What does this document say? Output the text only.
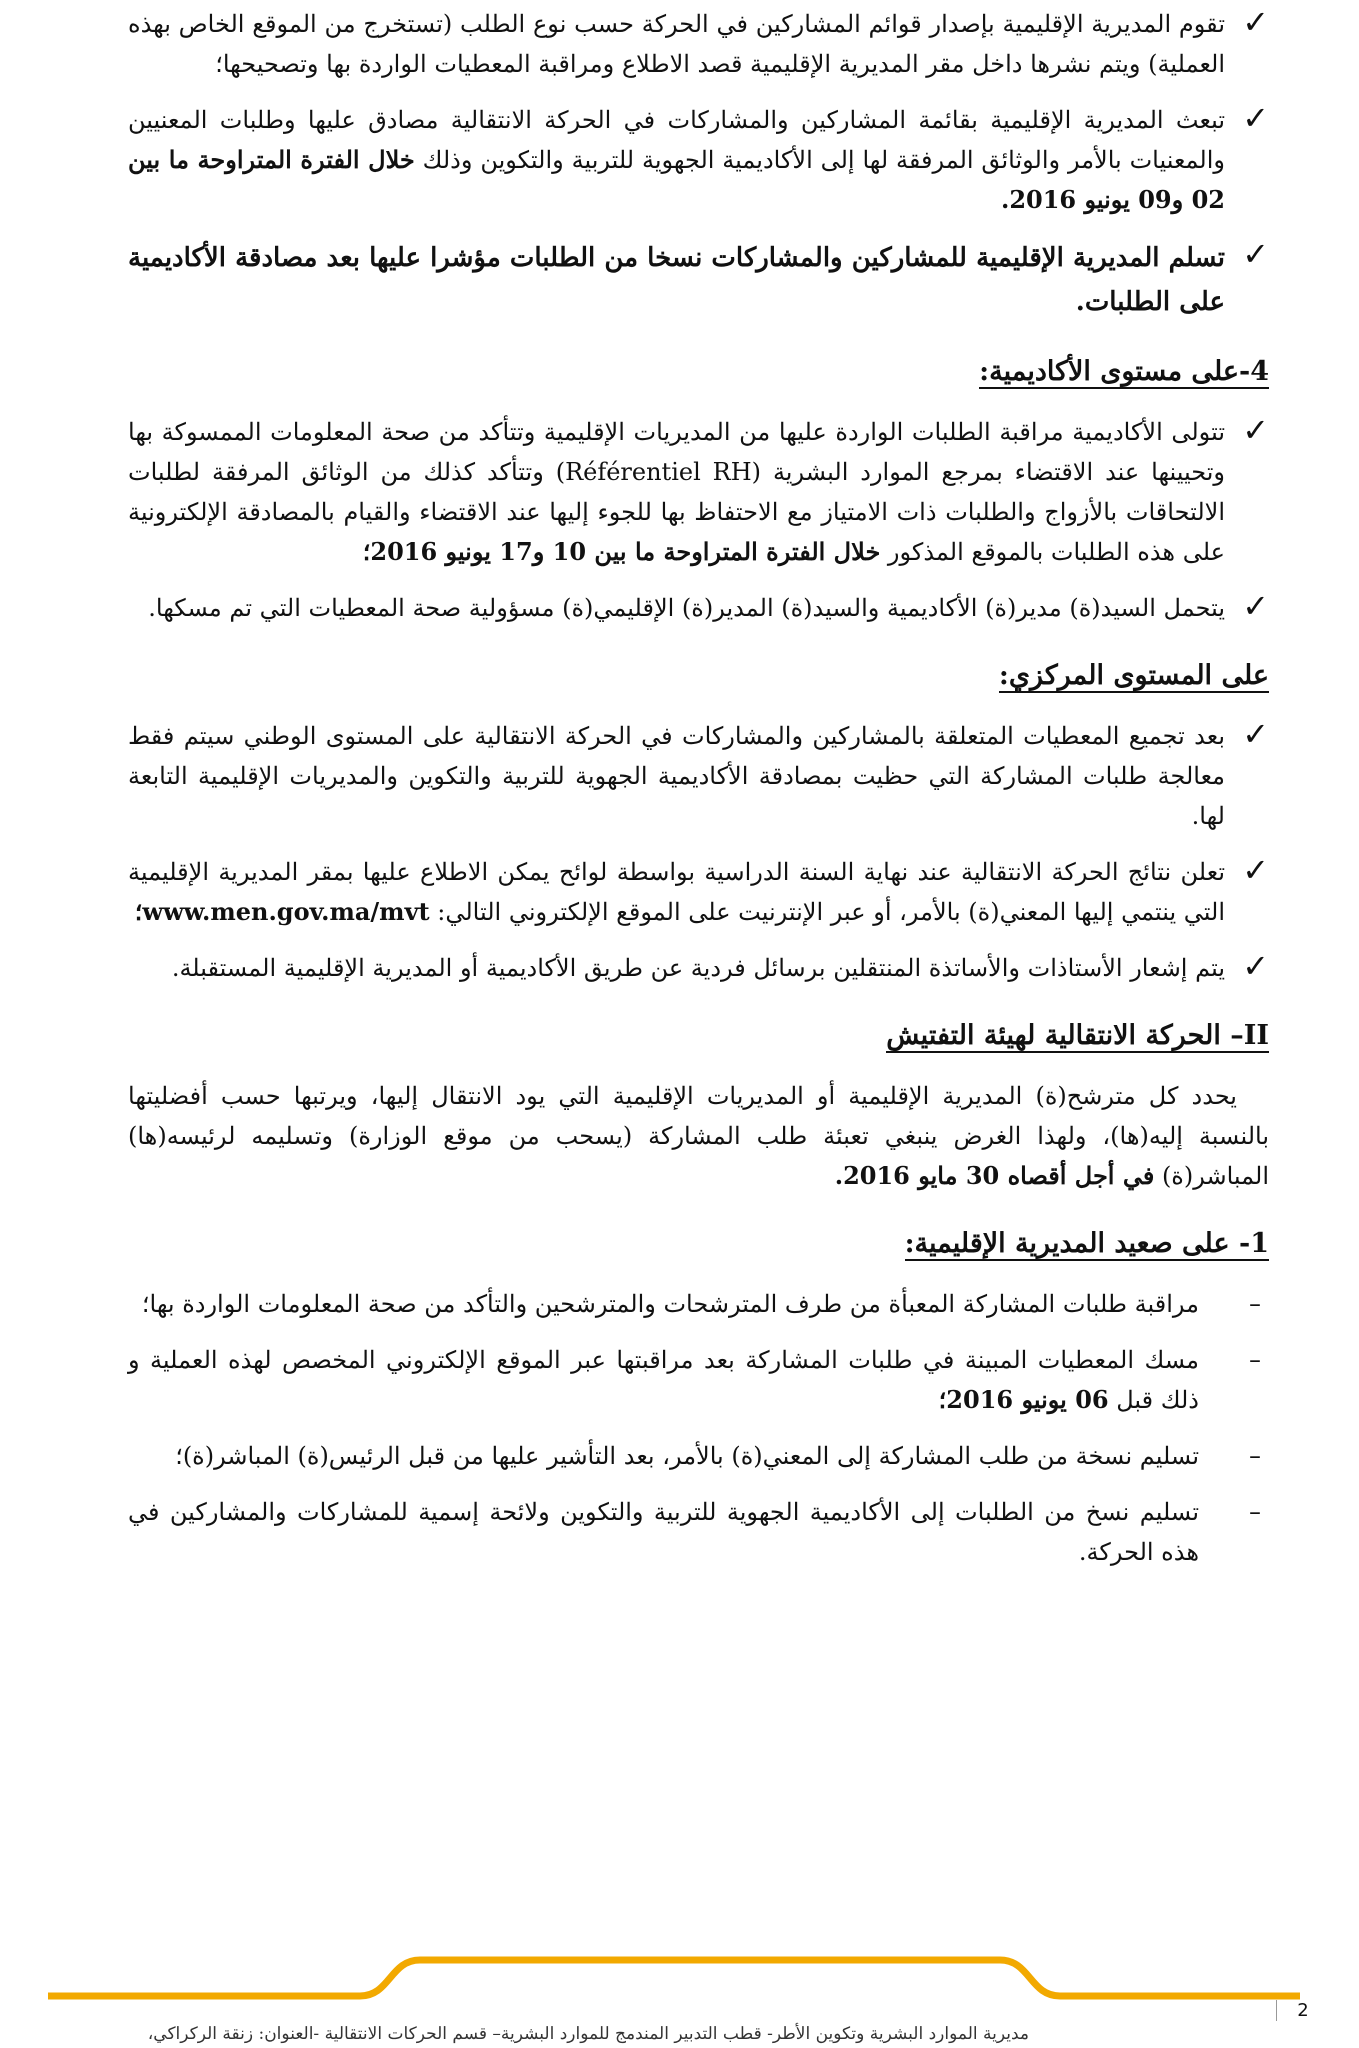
✓
تقوم المديرية الإقليمية بإصدار قوائم المشاركين في الحركة حسب نوع الطلب (تستخرج من الموقع الخاص بهذه العملية) ويتم نشرها داخل مقر المديرية الإقليمية قصد الاطلاع ومراقبة المعطيات الواردة بها وتصحيحها؛
✓
تبعث المديرية الإقليمية بقائمة المشاركين والمشاركات في الحركة الانتقالية مصادق عليها وطلبات المعنيين والمعنيات بالأمر والوثائق المرفقة لها إلى الأكاديمية الجهوية للتربية والتكوين وذلك خلال الفترة المتراوحة ما بين 02 و09 يونيو 2016.
✓
تسلم المديرية الإقليمية للمشاركين والمشاركات نسخا من الطلبات مؤشرا عليها بعد مصادقة الأكاديمية على الطلبات.
4-على مستوى الأكاديمية:
✓
تتولى الأكاديمية مراقبة الطلبات الواردة عليها من المديريات الإقليمية وتتأكد من صحة المعلومات الممسوكة بها وتحيينها عند الاقتضاء بمرجع الموارد البشرية (Référentiel RH) وتتأكد كذلك من الوثائق المرفقة لطلبات الالتحاقات بالأزواج والطلبات ذات الامتياز مع الاحتفاظ بها للجوء إليها عند الاقتضاء والقيام بالمصادقة الإلكترونية على هذه الطلبات بالموقع المذكور خلال الفترة المتراوحة ما بين 10 و17 يونيو 2016؛
✓
يتحمل السيد(ة) مدير(ة) الأكاديمية والسيد(ة) المدير(ة) الإقليمي(ة) مسؤولية صحة المعطيات التي تم مسكها.
على المستوى المركزي:
✓
بعد تجميع المعطيات المتعلقة بالمشاركين والمشاركات في الحركة الانتقالية على المستوى الوطني سيتم فقط معالجة طلبات المشاركة التي حظيت بمصادقة الأكاديمية الجهوية للتربية والتكوين والمديريات الإقليمية التابعة لها.
✓
تعلن نتائج الحركة الانتقالية عند نهاية السنة الدراسية بواسطة لوائح يمكن الاطلاع عليها بمقر المديرية الإقليمية التي ينتمي إليها المعني(ة) بالأمر، أو عبر الإنترنيت على الموقع الإلكتروني التالي: www.men.gov.ma/mvt؛
✓
يتم إشعار الأستاذات والأساتذة المنتقلين برسائل فردية عن طريق الأكاديمية أو المديرية الإقليمية المستقبلة.
II– الحركة الانتقالية لهيئة التفتيش
يحدد كل مترشح(ة) المديرية الإقليمية أو المديريات الإقليمية التي يود الانتقال إليها، ويرتبها حسب أفضليتها بالنسبة إليه(ها)، ولهذا الغرض ينبغي تعبئة طلب المشاركة (يسحب من موقع الوزارة) وتسليمه لرئيسه(ها) المباشر(ة) في أجل أقصاه 30 مايو 2016.
1- على صعيد المديرية الإقليمية:
–
مراقبة طلبات المشاركة المعبأة من طرف المترشحات والمترشحين والتأكد من صحة المعلومات الواردة بها؛
–
مسك المعطيات المبينة في طلبات المشاركة بعد مراقبتها عبر الموقع الإلكتروني المخصص لهذه العملية و ذلك قبل 06 يونيو 2016؛
–
تسليم نسخة من طلب المشاركة إلى المعني(ة) بالأمر، بعد التأشير عليها من قبل الرئيس(ة) المباشر(ة)؛
–
تسليم نسخ من الطلبات إلى الأكاديمية الجهوية للتربية والتكوين ولائحة إسمية للمشاركات والمشاركين في هذه الحركة.
2
مديرية الموارد البشرية وتكوين الأطر- قطب التدبير المندمج للموارد البشرية– قسم الحركات الانتقالية -العنوان: زنقة الركراكي،
